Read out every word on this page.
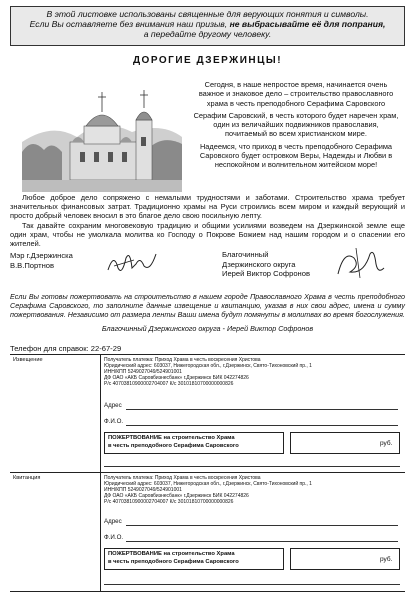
В этой листовке использованы священные для верующих понятия и символы.
Если Вы оставляете без внимания наш призыв, не выбрасывайте её для попрания,
а передайте другому человеку.
ДОРОГИЕ ДЗЕРЖИНЦЫ!
Сегодня, в наше непростое время, начинается очень важное и знаковое дело – строительство православного храма в честь преподобного Серафима Саровского
Серафим Саровский, в честь которого будет наречен храм, один из величайших подвижников православия, почитаемый во всем христианском мире.
Надеемся, что приход в честь преподобного Серафима Саровского будет островком Веры, Надежды и Любви в неспокойном и волнительном житейском море!
Любое доброе дело сопряжено с немалыми трудностями и заботами. Строительство храма требует значительных финансовых затрат. Традиционно храмы на Руси строились всем миром и каждый верующий и просто добрый человек вносил в это благое дело свою посильную лепту.
Так давайте сохраним многовековую традицию и общими усилиями возведем на Дзержинской земле еще один храм, чтобы не умолкала молитва ко Господу о Покрове Божием над нашим городом и о спасении его жителей.
Мэр г.Дзержинска
В.В.Портнов
Благочинный
Дзержинского округа
Иерей Виктор Софронов
Если Вы готовы пожертвовать на строительство в нашем городе Православного Храма в честь преподобного Серафима Саровского, то заполните данные извещение и квитанцию, указав в них свои адрес, имена и сумму пожертвования. Независимо от размера ленты Ваши имена будут помянуты в молитвах во время богослужения.
Благочинный Дзержинского округа - Иерей Виктор Софронов
Телефон для справок: 22-67-29
Извещение	Получатель платежа: Приход Храма в честь воскресения Христова
Юридический адрес: 603037, Нижегородская обл., г.Дзержинск, Свято-Тихоновский пр., 1
ИНН/КПП 5249027049/524901001
ДФ ОАО «АКБ Саровбизнесбанк» г.Дзержинск БИК 042274826
Р/с 40703810900002704007 К/с 30101810700000000826
Адрес
Ф.И.О.
ПОЖЕРТВОВАНИЕ на строительство Храма
в честь преподобного Серафима Саровского	руб.
Квитанция	Получатель платежа: Приход Храма в честь воскресения Христова
Юридический адрес: 603037, Нижегородская обл., г.Дзержинск, Свято-Тихоновский пр., 1
ИНН/КПП 5249027049/524901001
ДФ ОАО «АКБ Саровбизнесбанк» г.Дзержинск БИК 042274826
Р/с 40703810900002704007 К/с 30101810700000000826
Адрес
Ф.И.О.
ПОЖЕРТВОВАНИЕ на строительство Храма
в честь преподобного Серафима Саровского	руб.
